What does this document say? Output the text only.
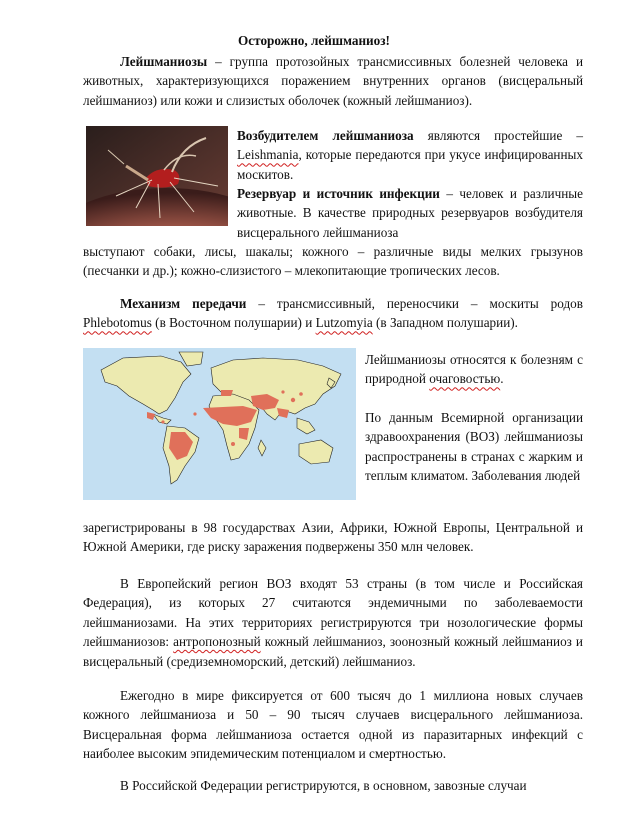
Осторожно, лейшманиоз!

Лейшманиозы – группа протозойных трансмиссивных болезней человека и животных, характеризующихся поражением внутренних органов (висцеральный лейшманиоз) или кожи и слизистых оболочек (кожный лейшманиоз).

Возбудителем лейшманиоза являются простейшие – Leishmania, которые передаются при укусе инфицированных москитов.

Резервуар и источник инфекции – человек и различные животные. В качестве природных резервуаров возбудителя висцерального лейшманиоза

выступают собаки, лисы, шакалы; кожного – различные виды мелких грызунов (песчанки и др.); кожно-слизистого – млекопитающие тропических лесов.

Механизм передачи – трансмиссивный, переносчики – москиты родов Phlebotomus (в Восточном полушарии) и Lutzomyia (в Западном полушарии).

Лейшманиозы относятся к болезням с природной очаговостью.

По данным Всемирной организации здравоохранения (ВОЗ) лейшманиозы распространены в странах с жарким и теплым климатом. Заболевания людей

зарегистрированы в 98 государствах Азии, Африки, Южной Европы, Центральной и Южной Америки, где риску заражения подвержены 350 млн человек.

В Европейский регион ВОЗ входят 53 страны (в том числе и Российская Федерация), из которых 27 считаются эндемичными по заболеваемости лейшманиозами. На этих территориях регистрируются три нозологические формы лейшманиозов: антропонозный кожный лейшманиоз, зоонозный кожный лейшманиоз и висцеральный (средиземноморский, детский) лейшманиоз.

Ежегодно в мире фиксируется от 600 тысяч до 1 миллиона новых случаев кожного лейшманиоза и 50 – 90 тысяч случаев висцерального лейшманиоза. Висцеральная форма лейшманиоза остается одной из паразитарных инфекций с наиболее высоким эпидемическим потенциалом и смертностью.

В Российской Федерации регистрируются, в основном, завозные случаи
